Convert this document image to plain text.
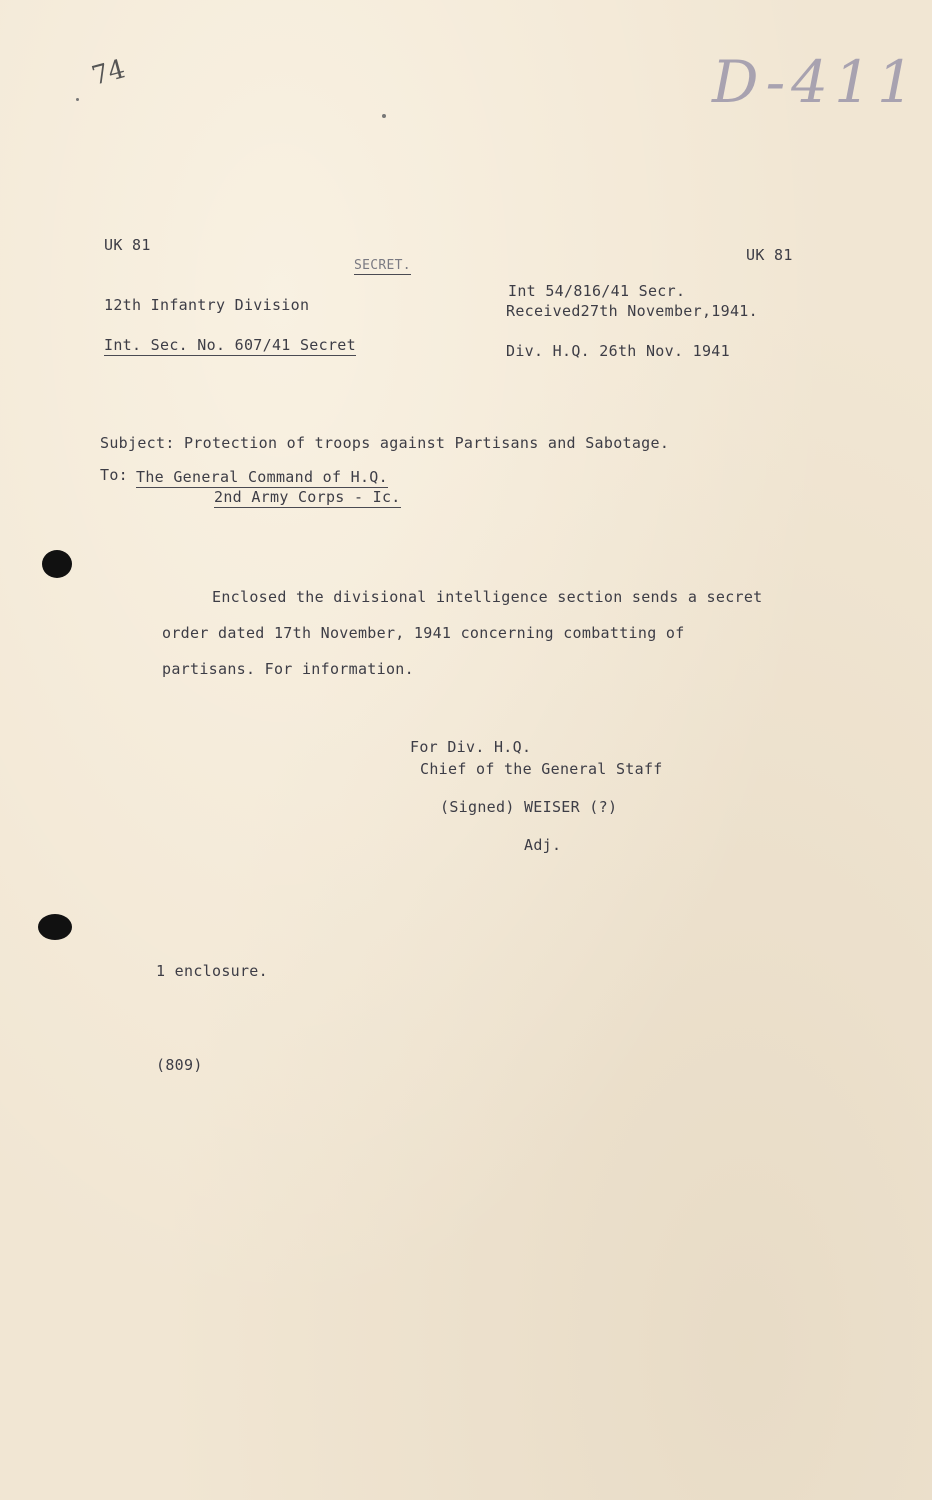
D-411
74
UK 81
UK 81
SECRET.
12th Infantry Division
Int. Sec. No. 607/41 Secret
Int 54/816/41 Secr.
Received27th November,1941.
Div. H.Q. 26th Nov. 1941
Subject: Protection of troops against Partisans and Sabotage.
To: The General Command of H.Q.
2nd Army Corps - Ic.
Enclosed the divisional intelligence section sends a secret
order dated 17th November, 1941 concerning combatting of
partisans. For information.
For Div. H.Q.
Chief of the General Staff
(Signed) WEISER (?)
Adj.
1 enclosure.
(809)
